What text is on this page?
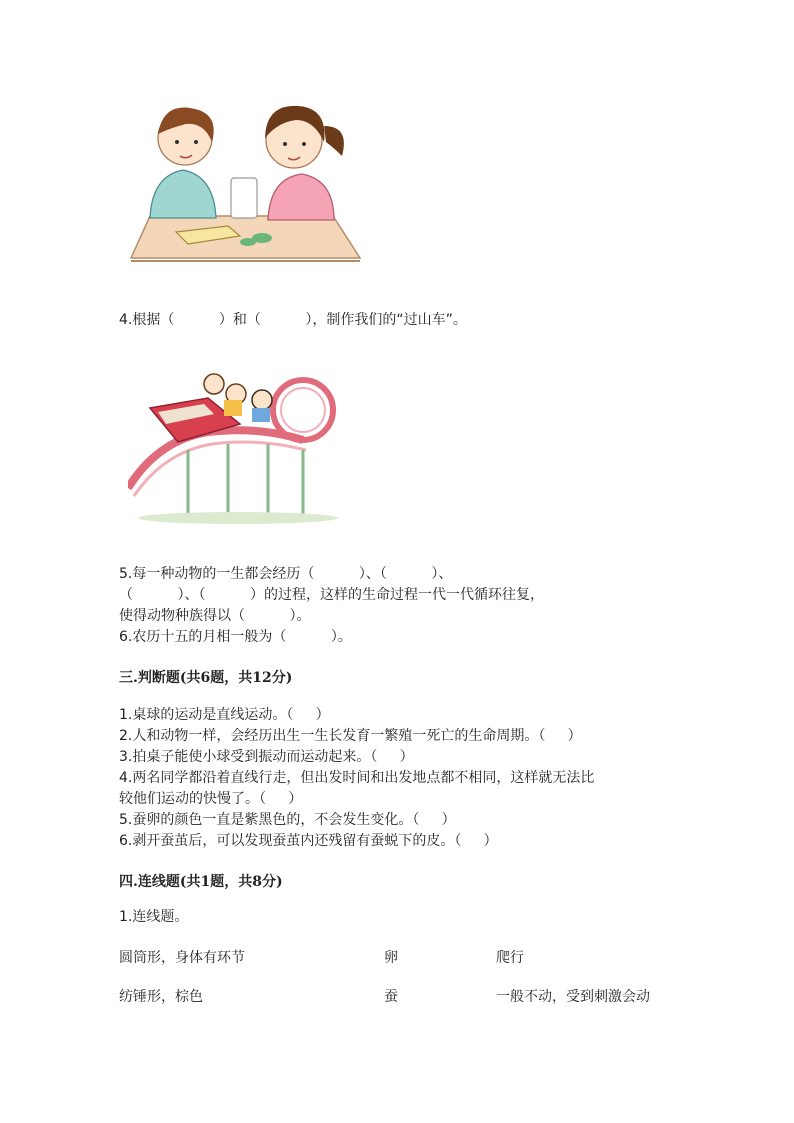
4.根据（          ）和（          ），制作我们的“过山车”。
5.每一种动物的一生都会经历（          ）、（          ）、
（          ）、（          ）的过程，这样的生命过程一代一代循环往复，
使得动物种族得以（          ）。
6.农历十五的月相一般为（          ）。
三.判断题(共6题，共12分)
1.桌球的运动是直线运动。（     ）
2.人和动物一样，会经历出生一生长发育一繁殖一死亡的生命周期。（     ）
3.拍桌子能使小球受到振动而运动起来。（     ）
4.两名同学都沿着直线行走，但出发时间和出发地点都不相同，这样就无法比
较他们运动的快慢了。（     ）
5.蚕卵的颜色一直是紫黑色的，不会发生变化。（     ）
6.剥开蚕茧后，可以发现蚕茧内还残留有蚕蜕下的皮。（     ）
四.连线题(共1题，共8分)
1.连线题。
圆筒形，身体有环节	卵	爬行
纺锤形，棕色	蚕	一般不动，受到刺激会动
